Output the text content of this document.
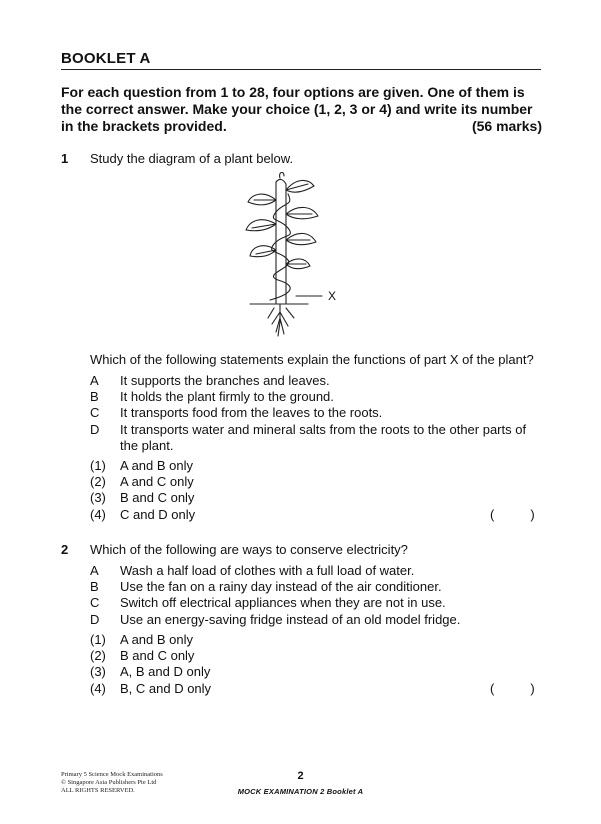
BOOKLET A
For each question from 1 to 28, four options are given. One of them is
the correct answer. Make your choice (1, 2, 3 or 4) and write its number
in the brackets provided.	(56 marks)
1 Study the diagram of a plant below.
X
Which of the following statements explain the functions of part X of the plant?
A	It supports the branches and leaves.
B	It holds the plant firmly to the ground.
C	It transports food from the leaves to the roots.
D	It transports water and mineral salts from the roots to the other parts of the plant.
(1)	A and B only
(2)	A and C only
(3)	B and C only
(4)	C and D only	(	)
2 Which of the following are ways to conserve electricity?
A	Wash a half load of clothes with a full load of water.
B	Use the fan on a rainy day instead of the air conditioner.
C	Switch off electrical appliances when they are not in use.
D	Use an energy-saving fridge instead of an old model fridge.
(1)	A and B only
(2)	B and C only
(3)	A, B and D only
(4)	B, C and D only	(	)
Primary 5 Science Mock Examinations
© Singapore Asia Publishers Pte Ltd
ALL RIGHTS RESERVED.
2
MOCK EXAMINATION 2 Booklet A
